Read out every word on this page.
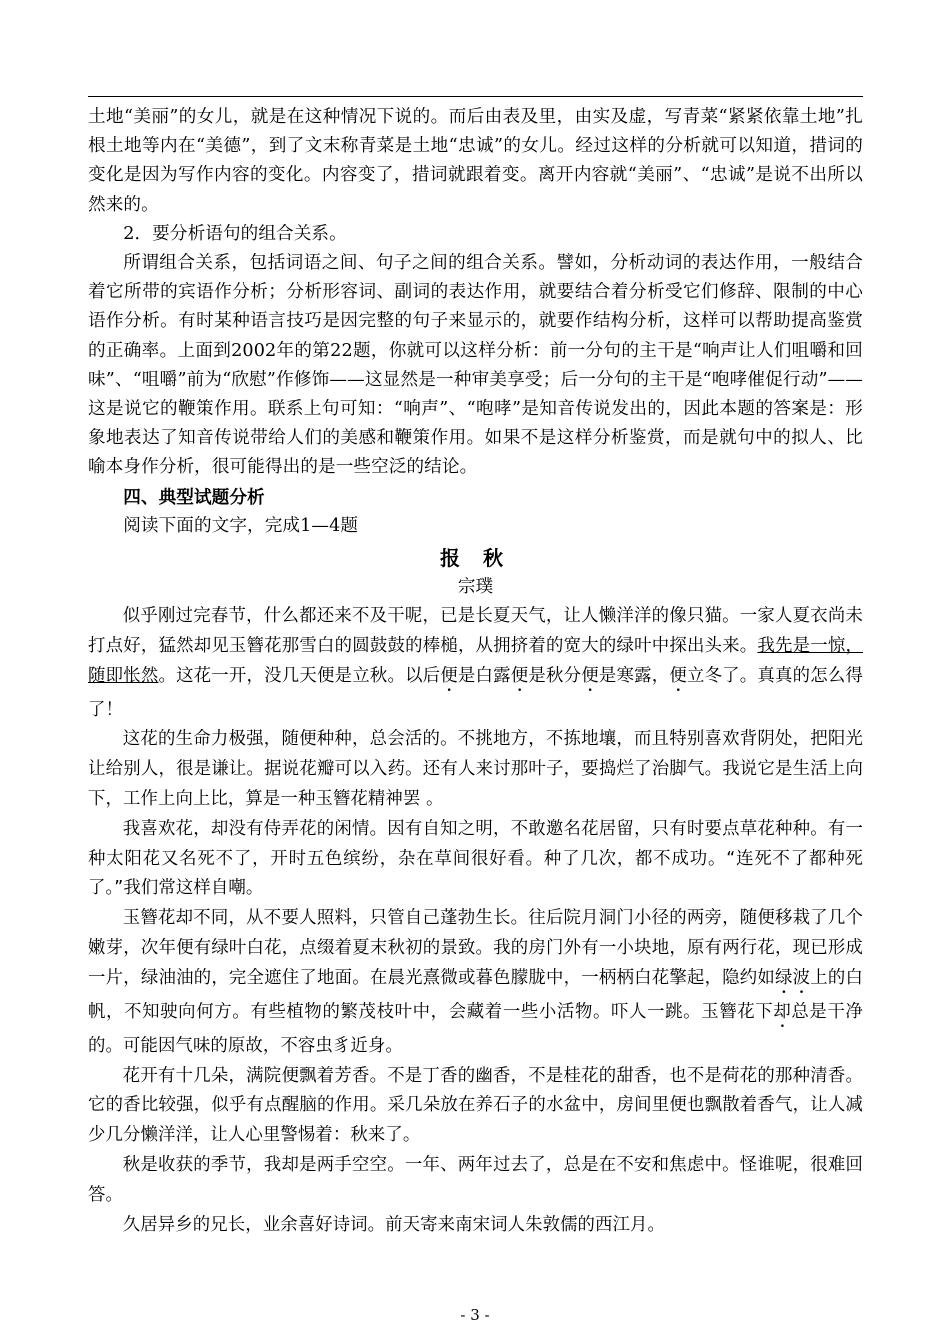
土地“美丽”的女儿，就是在这种情况下说的。而后由表及里，由实及虚，写青菜“紧紧依靠土地”扎根土地等内在“美德”，到了文末称青菜是土地“忠诚”的女儿。经过这样的分析就可以知道，措词的变化是因为写作内容的变化。内容变了，措词就跟着变。离开内容就“美丽”、“忠诚”是说不出所以然来的。

2．要分析语句的组合关系。

所谓组合关系，包括词语之间、句子之间的组合关系。譬如，分析动词的表达作用，一般结合着它所带的宾语作分析；分析形容词、副词的表达作用，就要结合着分析受它们修辞、限制的中心语作分析。有时某种语言技巧是因完整的句子来显示的，就要作结构分析，这样可以帮助提高鉴赏的正确率。上面到2002年的第22题，你就可以这样分析：前一分句的主干是“响声让人们咀嚼和回味”、“咀嚼”前为“欣慰”作修饰——这显然是一种审美享受；后一分句的主干是“咆哮催促行动”——这是说它的鞭策作用。联系上句可知：“响声”、“咆哮”是知音传说发出的，因此本题的答案是：形象地表达了知音传说带给人们的美感和鞭策作用。如果不是这样分析鉴赏，而是就句中的拟人、比喻本身作分析，很可能得出的是一些空泛的结论。

四、典型试题分析

阅读下面的文字，完成1—4题

报 秋
宗璞

似乎刚过完春节，什么都还来不及干呢，已是长夏天气，让人懒洋洋的像只猫。一家人夏衣尚未打点好，猛然却见玉簪花那雪白的圆鼓鼓的棒槌，从拥挤着的宽大的绿叶中探出头来。我先是一惊，随即怅然。这花一开，没几天便是立秋。以后便是白露便是秋分便是寒露，便立冬了。真真的怎么得了！

这花的生命力极强，随便种种，总会活的。不挑地方，不拣地壤，而且特别喜欢背阴处，把阳光让给别人，很是谦让。据说花瓣可以入药。还有人来讨那叶子，要捣烂了治脚气。我说它是生活上向下，工作上向上比，算是一种玉簪花精神罢 。

我喜欢花，却没有侍弄花的闲情。因有自知之明，不敢邀名花居留，只有时要点草花种种。有一种太阳花又名死不了，开时五色缤纷，杂在草间很好看。种了几次，都不成功。“连死不了都种死了。”我们常这样自嘲。

玉簪花却不同，从不要人照料，只管自己蓬勃生长。往后院月洞门小径的两旁，随便移栽了几个嫩芽，次年便有绿叶白花，点缀着夏末秋初的景致。我的房门外有一小块地，原有两行花，现已形成一片，绿油油的，完全遮住了地面。在晨光熹微或暮色朦胧中，一柄柄白花擎起，隐约如绿波上的白帆，不知驶向何方。有些植物的繁茂枝叶中，会藏着一些小活物。吓人一跳。玉簪花下却总是干净的。可能因气味的原故，不容虫豸近身。

花开有十几朵，满院便飘着芳香。不是丁香的幽香，不是桂花的甜香，也不是荷花的那种清香。它的香比较强，似乎有点醒脑的作用。采几朵放在养石子的水盆中，房间里便也飘散着香气，让人减少几分懒洋洋，让人心里警惕着：秋来了。

秋是收获的季节，我却是两手空空。一年、两年过去了，总是在不安和焦虑中。怪谁呢，很难回答。

久居异乡的兄长，业余喜好诗词。前天寄来南宋词人朱敦儒的西江月。

- 3 -
